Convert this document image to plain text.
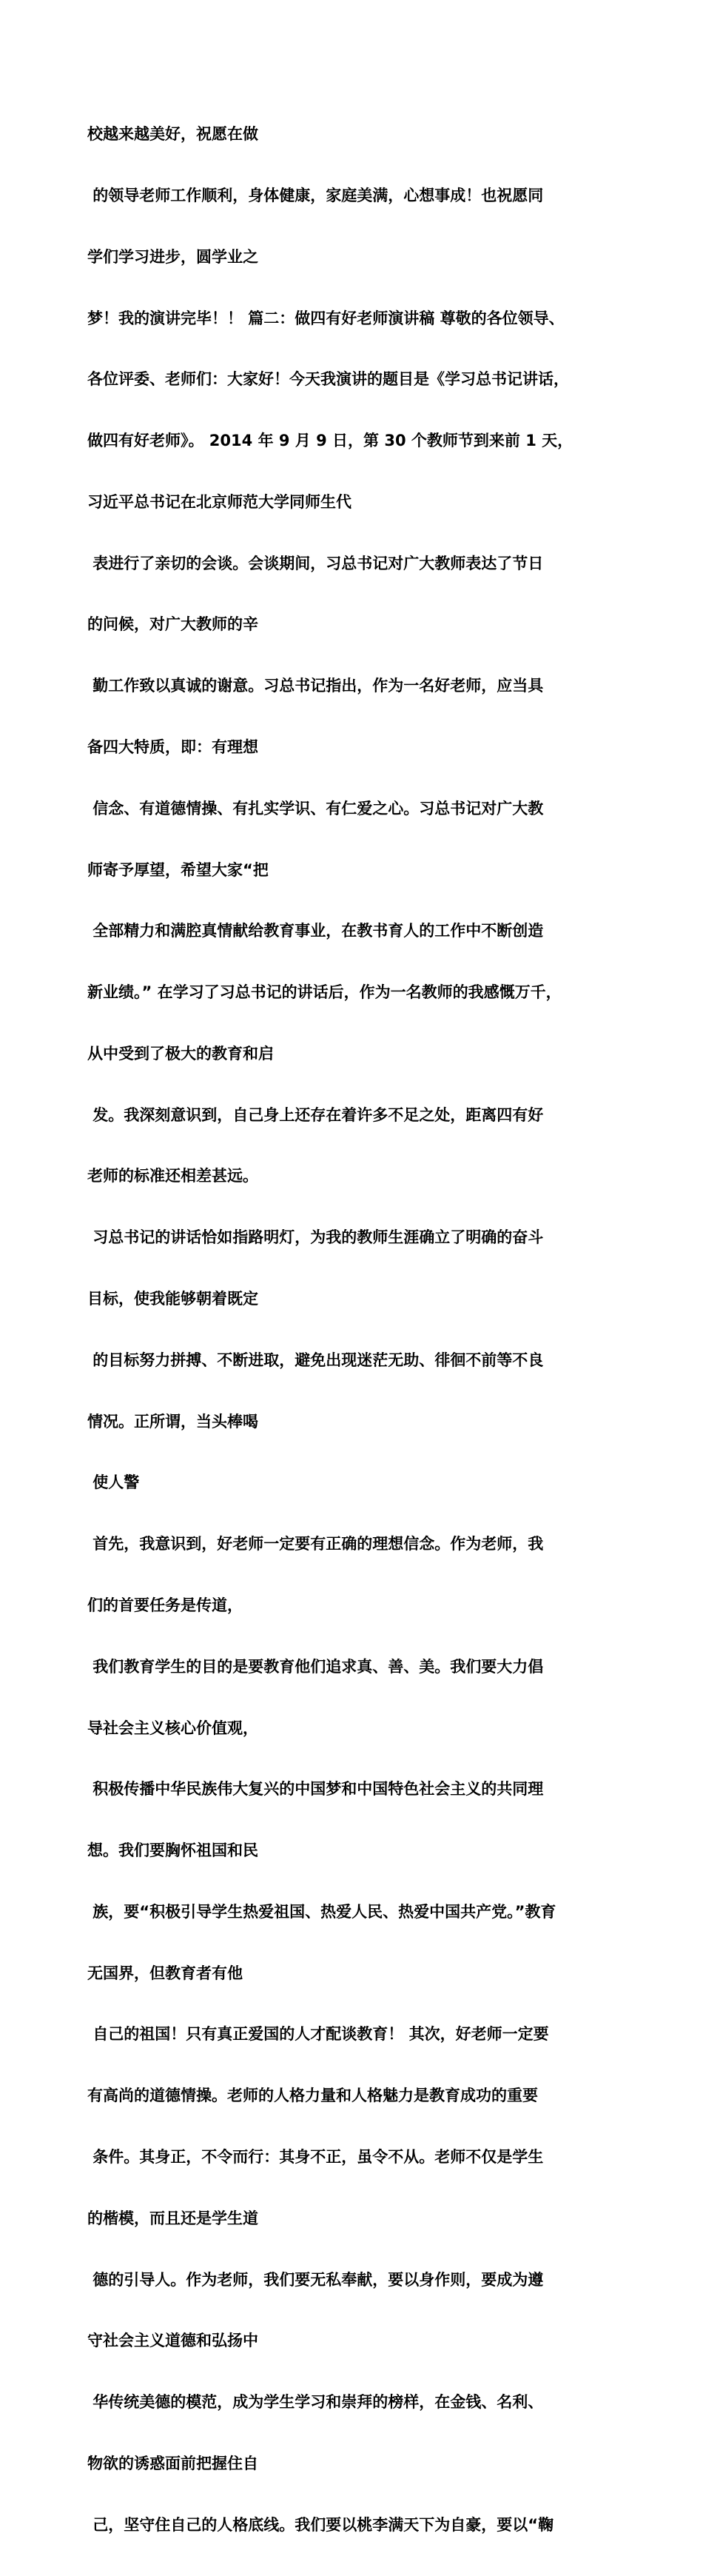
校越来越美好，祝愿在做

的领导老师工作顺利，身体健康，家庭美满，心想事成！也祝愿同

学们学习进步，圆学业之

梦！我的演讲完毕！！ 篇二：做四有好老师演讲稿 尊敬的各位领导、

各位评委、老师们：大家好！今天我演讲的题目是《学习总书记讲话，

做四有好老师》。 2014 年 9 月 9 日，第 30 个教师节到来前 1 天，

习近平总书记在北京师范大学同师生代

表进行了亲切的会谈。会谈期间，习总书记对广大教师表达了节日

的问候，对广大教师的辛

勤工作致以真诚的谢意。习总书记指出，作为一名好老师，应当具

备四大特质，即：有理想

信念、有道德情操、有扎实学识、有仁爱之心。习总书记对广大教

师寄予厚望，希望大家“把

全部精力和满腔真情献给教育事业，在教书育人的工作中不断创造

新业绩。” 在学习了习总书记的讲话后，作为一名教师的我感慨万千，

从中受到了极大的教育和启

发。我深刻意识到，自己身上还存在着许多不足之处，距离四有好

老师的标准还相差甚远。

习总书记的讲话恰如指路明灯，为我的教师生涯确立了明确的奋斗

目标，使我能够朝着既定

的目标努力拼搏、不断进取，避免出现迷茫无助、徘徊不前等不良

情况。正所谓，当头棒喝

使人警

首先，我意识到，好老师一定要有正确的理想信念。作为老师，我

们的首要任务是传道，

我们教育学生的目的是要教育他们追求真、善、美。我们要大力倡

导社会主义核心价值观，

积极传播中华民族伟大复兴的中国梦和中国特色社会主义的共同理

想。我们要胸怀祖国和民

族，要“积极引导学生热爱祖国、热爱人民、热爱中国共产党。”教育

无国界，但教育者有他

自己的祖国！只有真正爱国的人才配谈教育！ 其次，好老师一定要

有高尚的道德情操。老师的人格力量和人格魅力是教育成功的重要

条件。其身正，不令而行：其身不正，虽令不从。老师不仅是学生

的楷模，而且还是学生道

德的引导人。作为老师，我们要无私奉献，要以身作则，要成为遵

守社会主义道德和弘扬中

华传统美德的模范，成为学生学习和崇拜的榜样，在金钱、名利、

物欲的诱惑面前把握住自

己，坚守住自己的人格底线。我们要以桃李满天下为自豪，要以“鞠
